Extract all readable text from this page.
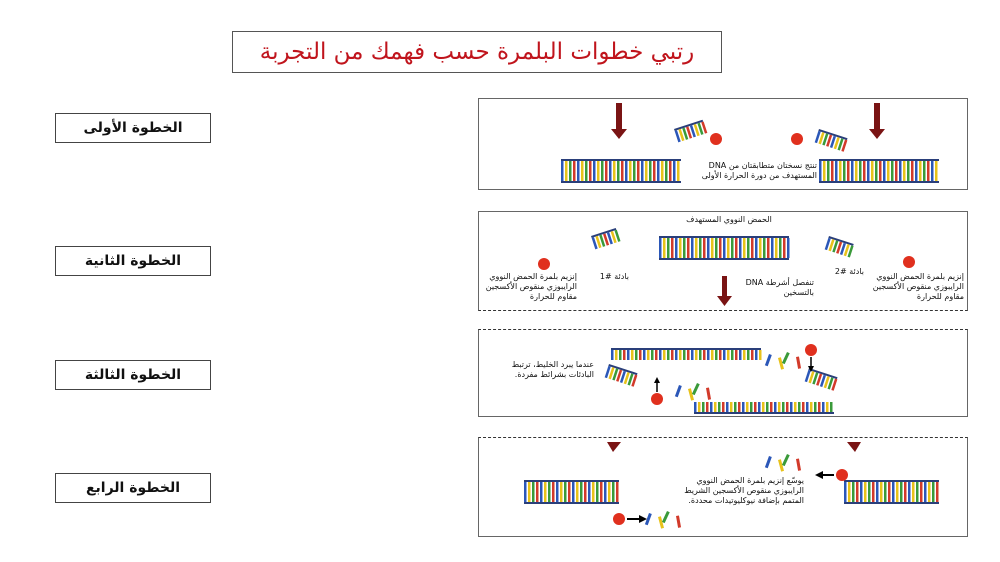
رتبي خطوات البلمرة حسب فهمك من التجربة
الخطوة الأولى
الخطوة الثانية
الخطوة الثالثة
الخطوة الرابع
تنتج نسختان متطابقتان من DNA المستهدف من دورة الحرارة الأولى
الحمض النووي المستهدف
بادئة #1
بادئة #2
إنزيم بلمرة الحمض النووي الرايبوزي منقوص الأكسجين مقاوم للحرارة
إنزيم بلمرة الحمض النووي الرايبوزي منقوص الأكسجين مقاوم للحرارة
تنفصل أشرطة DNA بالتسخين
عندما يبرد الخليط، ترتبط البادئات بشرائط مفردة.
يوسّع إنزيم بلمرة الحمض النووي الرايبوزي منقوص الأكسجين الشريط المتمم بإضافة نيوكليوتيدات محددة.
